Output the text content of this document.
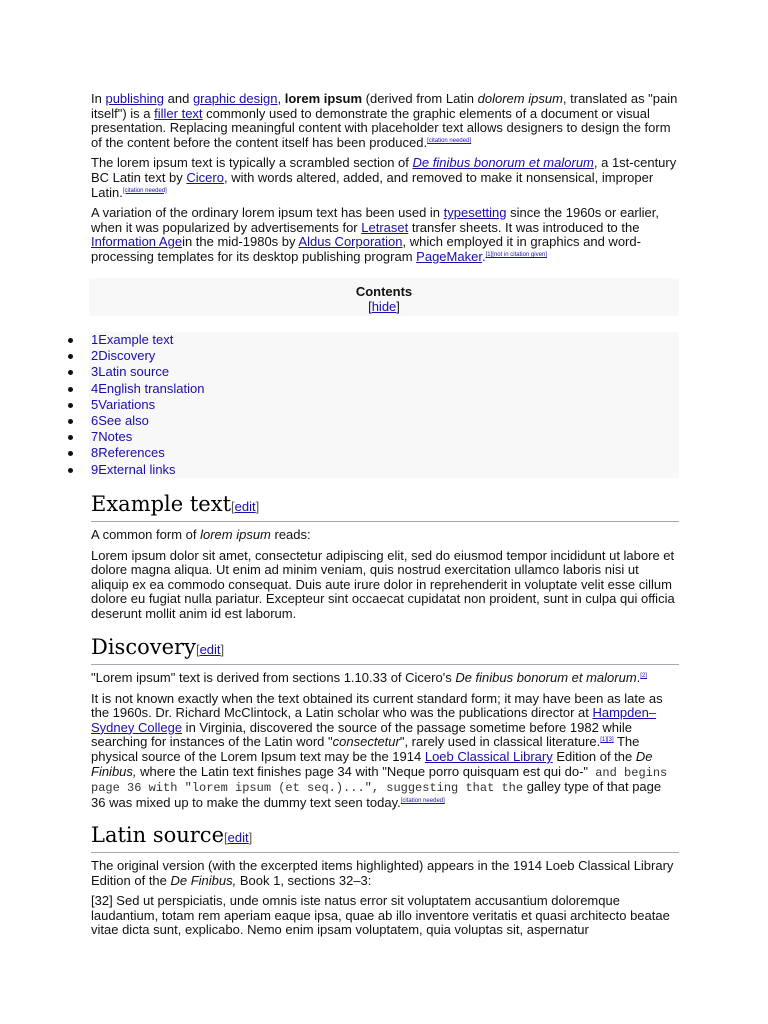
In publishing and graphic design, lorem ipsum (derived from Latin dolorem ipsum, translated as "pain itself") is a filler text commonly used to demonstrate the graphic elements of a document or visual presentation. Replacing meaningful content with placeholder text allows designers to design the form of the content before the content itself has been produced.[citation needed]

The lorem ipsum text is typically a scrambled section of De finibus bonorum et malorum, a 1st-century BC Latin text by Cicero, with words altered, added, and removed to make it nonsensical, improper Latin.[citation needed]

A variation of the ordinary lorem ipsum text has been used in typesetting since the 1960s or earlier, when it was popularized by advertisements for Letraset transfer sheets. It was introduced to the Information Agein the mid-1980s by Aldus Corporation, which employed it in graphics and word-processing templates for its desktop publishing program PageMaker.[1][not in citation given]

Contents
[hide]
1Example text
2Discovery
3Latin source
4English translation
5Variations
6See also
7Notes
8References
9External links
Example text[edit]

A common form of lorem ipsum reads:

Lorem ipsum dolor sit amet, consectetur adipiscing elit, sed do eiusmod tempor incididunt ut labore et dolore magna aliqua. Ut enim ad minim veniam, quis nostrud exercitation ullamco laboris nisi ut aliquip ex ea commodo consequat. Duis aute irure dolor in reprehenderit in voluptate velit esse cillum dolore eu fugiat nulla pariatur. Excepteur sint occaecat cupidatat non proident, sunt in culpa qui officia deserunt mollit anim id est laborum.

Discovery[edit]

"Lorem ipsum" text is derived from sections 1.10.33 of Cicero's De finibus bonorum et malorum.[2]

It is not known exactly when the text obtained its current standard form; it may have been as late as the 1960s. Dr. Richard McClintock, a Latin scholar who was the publications director at Hampden–Sydney College in Virginia, discovered the source of the passage sometime before 1982 while searching for instances of the Latin word "consectetur", rarely used in classical literature.[1][3] The physical source of the Lorem Ipsum text may be the 1914 Loeb Classical Library Edition of the De Finibus, where the Latin text finishes page 34 with "Neque porro quisquam est qui do-" and begins page 36 with "lorem ipsum (et seq.)...", suggesting that the galley type of that page 36 was mixed up to make the dummy text seen today.[citation needed]

Latin source[edit]

The original version (with the excerpted items highlighted) appears in the 1914 Loeb Classical Library Edition of the De Finibus, Book 1, sections 32–3:

[32] Sed ut perspiciatis, unde omnis iste natus error sit voluptatem accusantium doloremque laudantium, totam rem aperiam eaque ipsa, quae ab illo inventore veritatis et quasi architecto beatae vitae dicta sunt, explicabo. Nemo enim ipsam voluptatem, quia voluptas sit, aspernatur
